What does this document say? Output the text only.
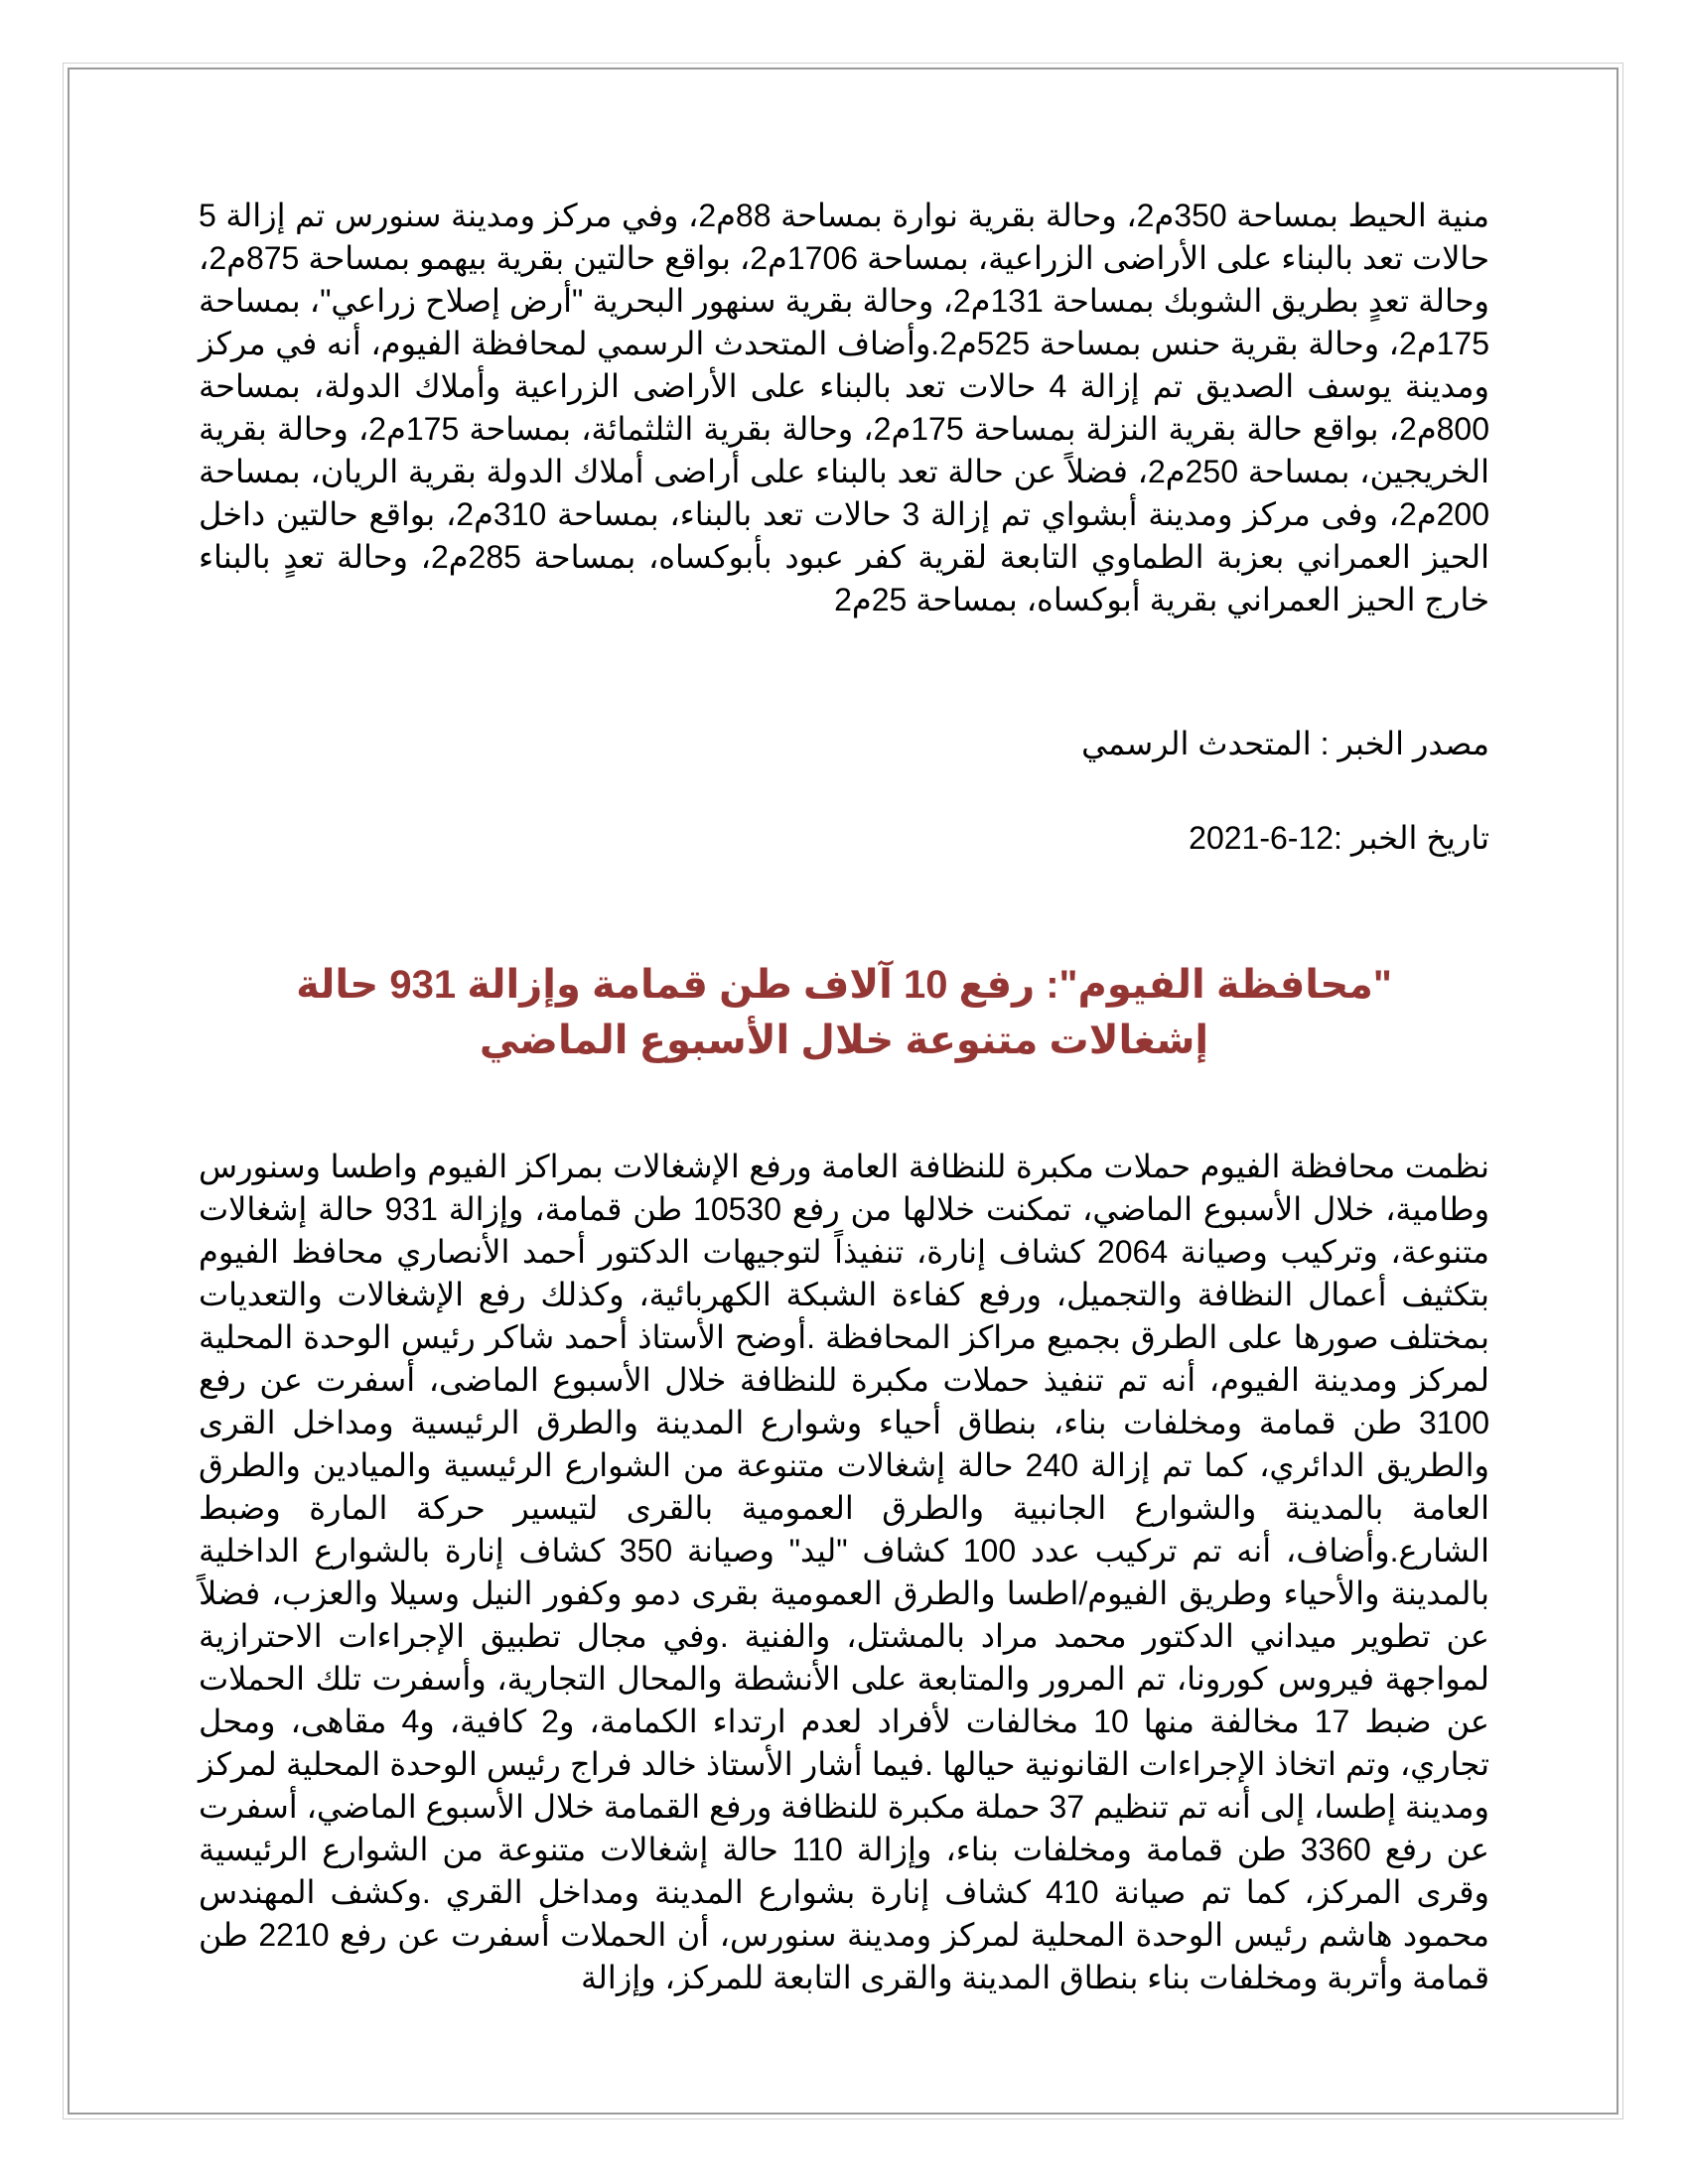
منية الحيط بمساحة 350م2، وحالة بقرية نوارة بمساحة 88م2، وفي مركز ومدينة سنورس تم إزالة 5 حالات تعد بالبناء على الأراضى الزراعية، بمساحة 1706م2، بواقع حالتين بقرية بيهمو بمساحة 875م2، وحالة تعدٍ بطريق الشوبك بمساحة 131م2، وحالة بقرية سنهور البحرية "أرض إصلاح زراعي"، بمساحة 175م2، وحالة بقرية حنس بمساحة 525م2.وأضاف المتحدث الرسمي لمحافظة الفيوم، أنه في مركز ومدينة يوسف الصديق تم إزالة 4 حالات تعد بالبناء على الأراضى الزراعية وأملاك الدولة، بمساحة 800م2، بواقع حالة بقرية النزلة بمساحة 175م2، وحالة بقرية الثلثمائة، بمساحة 175م2، وحالة بقرية الخريجين، بمساحة 250م2، فضلاً عن حالة تعد بالبناء على أراضى أملاك الدولة بقرية الريان، بمساحة 200م2، وفى مركز ومدينة أبشواي تم إزالة 3 حالات تعد بالبناء، بمساحة 310م2، بواقع حالتين داخل الحيز العمراني بعزبة الطماوي التابعة لقرية كفر عبود بأبوكساه، بمساحة 285م2، وحالة تعدٍ بالبناء خارج الحيز العمراني بقرية أبوكساه، بمساحة 25م2

مصدر الخبر : المتحدث الرسمي

تاريخ الخبر :12-6-2021

"محافظة الفيوم": رفع 10 آلاف طن قمامة وإزالة 931 حالة إشغالات متنوعة خلال الأسبوع الماضي

نظمت محافظة الفيوم حملات مكبرة للنظافة العامة ورفع الإشغالات بمراكز الفيوم واطسا وسنورس وطامية، خلال الأسبوع الماضي، تمكنت خلالها من رفع 10530 طن قمامة، وإزالة 931 حالة إشغالات متنوعة، وتركيب وصيانة 2064 كشاف إنارة، تنفيذاً لتوجيهات الدكتور أحمد الأنصاري محافظ الفيوم بتكثيف أعمال النظافة والتجميل، ورفع كفاءة الشبكة الكهربائية، وكذلك رفع الإشغالات والتعديات بمختلف صورها على الطرق بجميع مراكز المحافظة .أوضح الأستاذ أحمد شاكر رئيس الوحدة المحلية لمركز ومدينة الفيوم، أنه تم تنفيذ حملات مكبرة للنظافة خلال الأسبوع الماضى، أسفرت عن رفع 3100 طن قمامة ومخلفات بناء، بنطاق أحياء وشوارع المدينة والطرق الرئيسية ومداخل القرى والطريق الدائري، كما تم إزالة 240 حالة إشغالات متنوعة من الشوارع الرئيسية والميادين والطرق العامة بالمدينة والشوارع الجانبية والطرق العمومية بالقرى لتيسير حركة المارة وضبط الشارع.وأضاف، أنه تم تركيب عدد 100 كشاف "ليد" وصيانة 350 كشاف إنارة بالشوارع الداخلية بالمدينة والأحياء وطريق الفيوم/اطسا والطرق العمومية بقرى دمو وكفور النيل وسيلا والعزب، فضلاً عن تطوير ميداني الدكتور محمد مراد بالمشتل، والفنية .وفي مجال تطبيق الإجراءات الاحترازية لمواجهة فيروس كورونا، تم المرور والمتابعة على الأنشطة والمحال التجارية، وأسفرت تلك الحملات عن ضبط 17 مخالفة منها 10 مخالفات لأفراد لعدم ارتداء الكمامة، و2 كافية، و4 مقاهى، ومحل تجاري، وتم اتخاذ الإجراءات القانونية حيالها .فيما أشار الأستاذ خالد فراج رئيس الوحدة المحلية لمركز ومدينة إطسا، إلى أنه تم تنظيم 37 حملة مكبرة للنظافة ورفع القمامة خلال الأسبوع الماضي، أسفرت عن رفع 3360 طن قمامة ومخلفات بناء، وإزالة 110 حالة إشغالات متنوعة من الشوارع الرئيسية وقرى المركز، كما تم صيانة 410 كشاف إنارة بشوارع المدينة ومداخل القري .وكشف المهندس محمود هاشم رئيس الوحدة المحلية لمركز ومدينة سنورس، أن الحملات أسفرت عن رفع 2210 طن قمامة وأتربة ومخلفات بناء بنطاق المدينة والقرى التابعة للمركز، وإزالة
